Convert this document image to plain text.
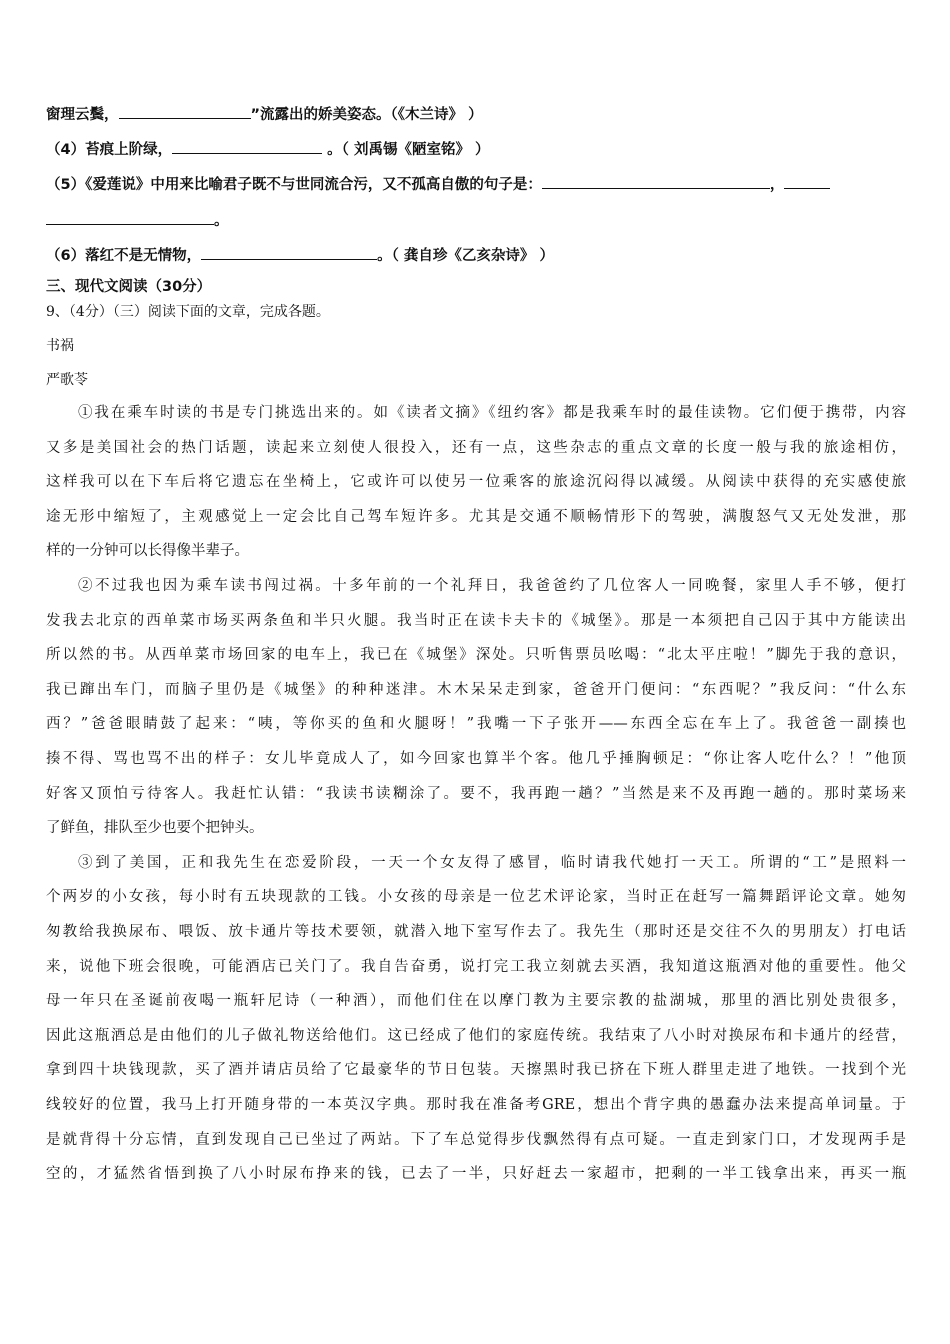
窗理云鬓，	”流露出的娇美姿态。（《木兰诗》 ）
（4）苔痕上阶绿，	。（ 刘禹锡《陋室铭》 ）
（5）《爱莲说》中用来比喻君子既不与世同流合污，又不孤高自傲的句子是：	，
。
（6）落红不是无情物，	。（ 龚自珍《乙亥杂诗》 ）
三、现代文阅读（30分）
9、（4分）（三）阅读下面的文章，完成各题。
书祸
严歌苓
①我在乘车时读的书是专门挑选出来的。如《读者文摘》《纽约客》都是我乘车时的最佳读物。它们便于携带，内容
又多是美国社会的热门话题，读起来立刻使人很投入，还有一点，这些杂志的重点文章的长度一般与我的旅途相仿，
这样我可以在下车后将它遗忘在坐椅上，它或许可以使另一位乘客的旅途沉闷得以减缓。从阅读中获得的充实感使旅
途无形中缩短了，主观感觉上一定会比自己驾车短许多。尤其是交通不顺畅情形下的驾驶，满腹怒气又无处发泄，那
样的一分钟可以长得像半辈子。
②不过我也因为乘车读书闯过祸。十多年前的一个礼拜日，我爸爸约了几位客人一同晚餐，家里人手不够，便打
发我去北京的西单菜市场买两条鱼和半只火腿。我当时正在读卡夫卡的《城堡》。那是一本须把自己囚于其中方能读出
所以然的书。从西单菜市场回家的电车上，我已在《城堡》深处。只听售票员吆喝：“北太平庄啦！”脚先于我的意识，
我已蹿出车门，而脑子里仍是《城堡》的种种迷津。木木呆呆走到家，爸爸开门便问：“东西呢？”我反问：“什么东
西？”爸爸眼睛鼓了起来：“咦，等你买的鱼和火腿呀！”我嘴一下子张开——东西全忘在车上了。我爸爸一副揍也
揍不得、骂也骂不出的样子：女儿毕竟成人了，如今回家也算半个客。他几乎捶胸顿足：“你让客人吃什么？！”他顶
好客又顶怕亏待客人。我赶忙认错：“我读书读糊涂了。要不，我再跑一趟？”当然是来不及再跑一趟的。那时菜场来
了鲜鱼，排队至少也要个把钟头。
③到了美国，正和我先生在恋爱阶段，一天一个女友得了感冒，临时请我代她打一天工。所谓的“工”是照料一
个两岁的小女孩，每小时有五块现款的工钱。小女孩的母亲是一位艺术评论家，当时正在赶写一篇舞蹈评论文章。她匆
匆教给我换尿布、喂饭、放卡通片等技术要领，就潜入地下室写作去了。我先生（那时还是交往不久的男朋友）打电话
来，说他下班会很晚，可能酒店已关门了。我自告奋勇，说打完工我立刻就去买酒，我知道这瓶酒对他的重要性。他父
母一年只在圣诞前夜喝一瓶轩尼诗（一种酒），而他们住在以摩门教为主要宗教的盐湖城，那里的酒比别处贵很多，
因此这瓶酒总是由他们的儿子做礼物送给他们。这已经成了他们的家庭传统。我结束了八小时对换尿布和卡通片的经营，
拿到四十块钱现款，买了酒并请店员给了它最豪华的节日包装。天擦黑时我已挤在下班人群里走进了地铁。一找到个光
线较好的位置，我马上打开随身带的一本英汉字典。那时我在准备考GRE，想出个背字典的愚蠢办法来提高单词量。于
是就背得十分忘情，直到发现自己已坐过了两站。下了车总觉得步伐飘然得有点可疑。一直走到家门口，才发现两手是
空的，才猛然省悟到换了八小时尿布挣来的钱，已去了一半，只好赶去一家超市，把剩的一半工钱拿出来，再买一瓶
